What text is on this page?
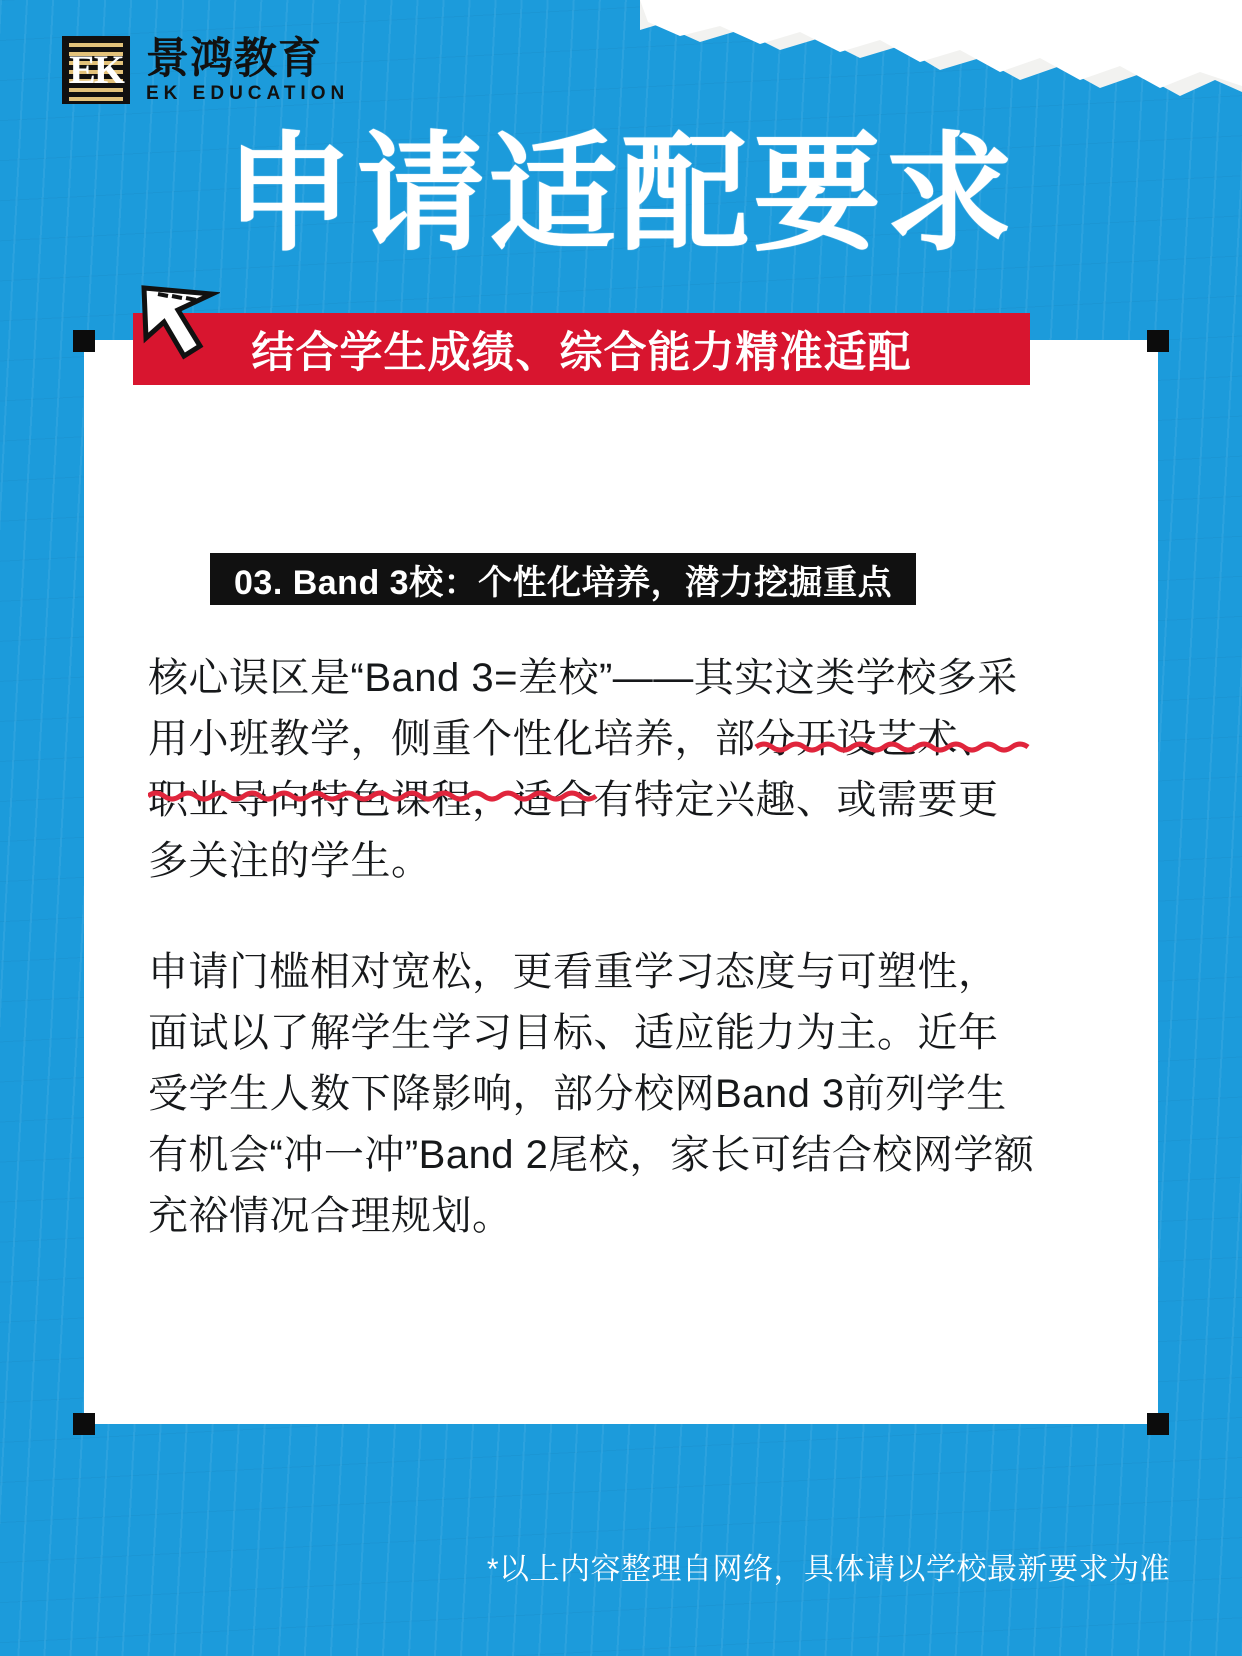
EK 景鸿教育
EK EDUCATION
申请适配要求
结合学生成绩、综合能力精准适配
03. Band 3校：个性化培养，潜力挖掘重点

核心误区是“Band 3=差校”——其实这类学校多采用小班教学，侧重个性化培养，部分开设艺术、职业导向特色课程，适合有特定兴趣、或需要更多关注的学生。

申请门槛相对宽松，更看重学习态度与可塑性，面试以了解学生学习目标、适应能力为主。近年受学生人数下降影响，部分校网Band 3前列学生有机会“冲一冲”Band 2尾校，家长可结合校网学额充裕情况合理规划。

*以上内容整理自网络，具体请以学校最新要求为准
